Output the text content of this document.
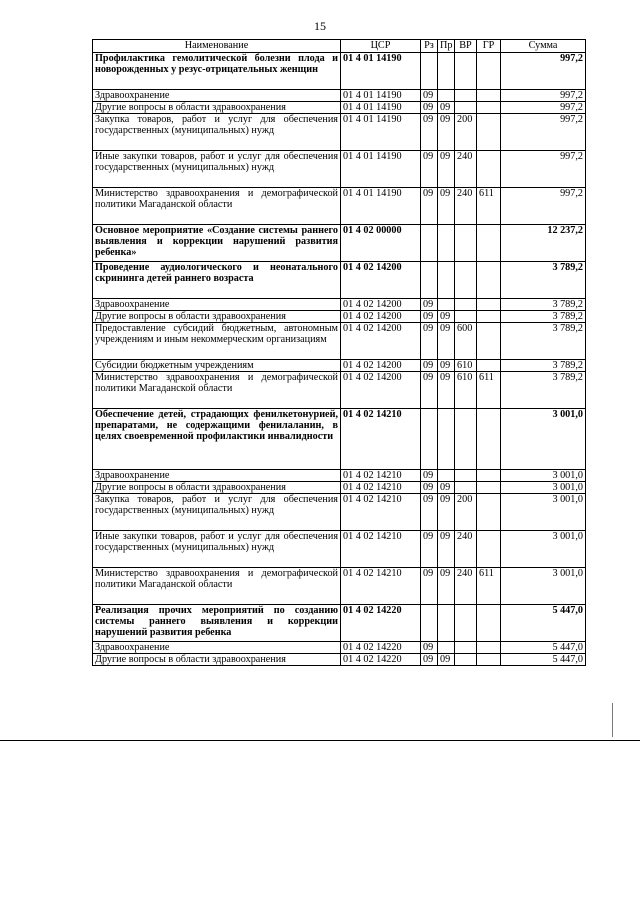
15
Наименование	ЦСР	Рз	Пр	ВР	ГР	Сумма
Профилактика гемолитической болезни плода и новорожденных у резус-отрицательных женщин	01 4 01 14190					997,2
Здравоохранение	01 4 01 14190	09				997,2
Другие вопросы в области здравоохранения	01 4 01 14190	09	09			997,2
Закупка товаров, работ и услуг для обеспечения государственных (муниципальных) нужд	01 4 01 14190	09	09	200		997,2
Иные закупки товаров, работ и услуг для обеспечения государственных (муниципальных) нужд	01 4 01 14190	09	09	240		997,2
Министерство здравоохранения и демографической политики Магаданской области	01 4 01 14190	09	09	240	611	997,2
Основное мероприятие «Создание системы раннего выявления и коррекции нарушений развития ребенка»	01 4 02 00000					12 237,2
Проведение аудиологического и неонатального скрининга детей раннего возраста	01 4 02 14200					3 789,2
Здравоохранение	01 4 02 14200	09				3 789,2
Другие вопросы в области здравоохранения	01 4 02 14200	09	09			3 789,2
Предоставление субсидий бюджетным, автономным учреждениям и иным некоммерческим организациям	01 4 02 14200	09	09	600		3 789,2
Субсидии бюджетным учреждениям	01 4 02 14200	09	09	610		3 789,2
Министерство здравоохранения и демографической политики Магаданской области	01 4 02 14200	09	09	610	611	3 789,2
Обеспечение детей, страдающих фенилкетонурией, препаратами, не содержащими фенилаланин, в целях своевременной профилактики инвалидности	01 4 02 14210					3 001,0
Здравоохранение	01 4 02 14210	09				3 001,0
Другие вопросы в области здравоохранения	01 4 02 14210	09	09			3 001,0
Закупка товаров, работ и услуг для обеспечения государственных (муниципальных) нужд	01 4 02 14210	09	09	200		3 001,0
Иные закупки товаров, работ и услуг для обеспечения государственных (муниципальных) нужд	01 4 02 14210	09	09	240		3 001,0
Министерство здравоохранения и демографической политики Магаданской области	01 4 02 14210	09	09	240	611	3 001,0
Реализация прочих мероприятий по созданию системы раннего выявления и коррекции нарушений развития ребенка	01 4 02 14220					5 447,0
Здравоохранение	01 4 02 14220	09				5 447,0
Другие вопросы в области здравоохранения	01 4 02 14220	09	09			5 447,0
